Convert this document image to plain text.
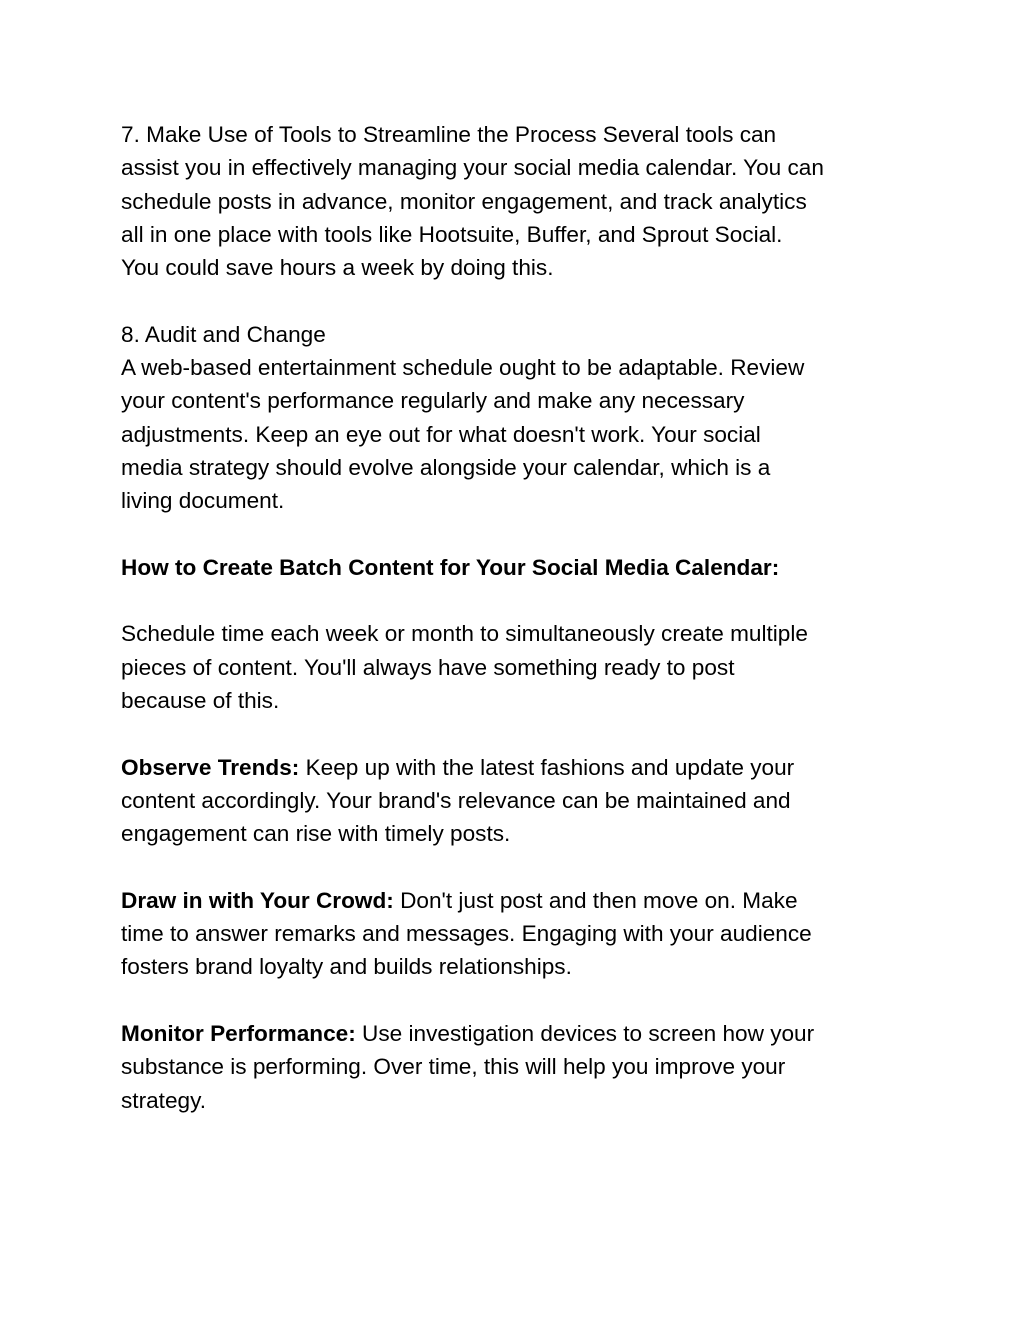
7. Make Use of Tools to Streamline the Process Several tools can
assist you in effectively managing your social media calendar. You can
schedule posts in advance, monitor engagement, and track analytics
all in one place with tools like Hootsuite, Buffer, and Sprout Social.
You could save hours a week by doing this.

8. Audit and Change

A web-based entertainment schedule ought to be adaptable. Review
your content's performance regularly and make any necessary
adjustments. Keep an eye out for what doesn't work. Your social
media strategy should evolve alongside your calendar, which is a
living document.

How to Create Batch Content for Your Social Media Calendar:

Schedule time each week or month to simultaneously create multiple
pieces of content. You'll always have something ready to post
because of this.

Observe Trends: Keep up with the latest fashions and update your
content accordingly. Your brand's relevance can be maintained and
engagement can rise with timely posts.

Draw in with Your Crowd: Don't just post and then move on. Make
time to answer remarks and messages. Engaging with your audience
fosters brand loyalty and builds relationships.

Monitor Performance: Use investigation devices to screen how your
substance is performing. Over time, this will help you improve your
strategy.
